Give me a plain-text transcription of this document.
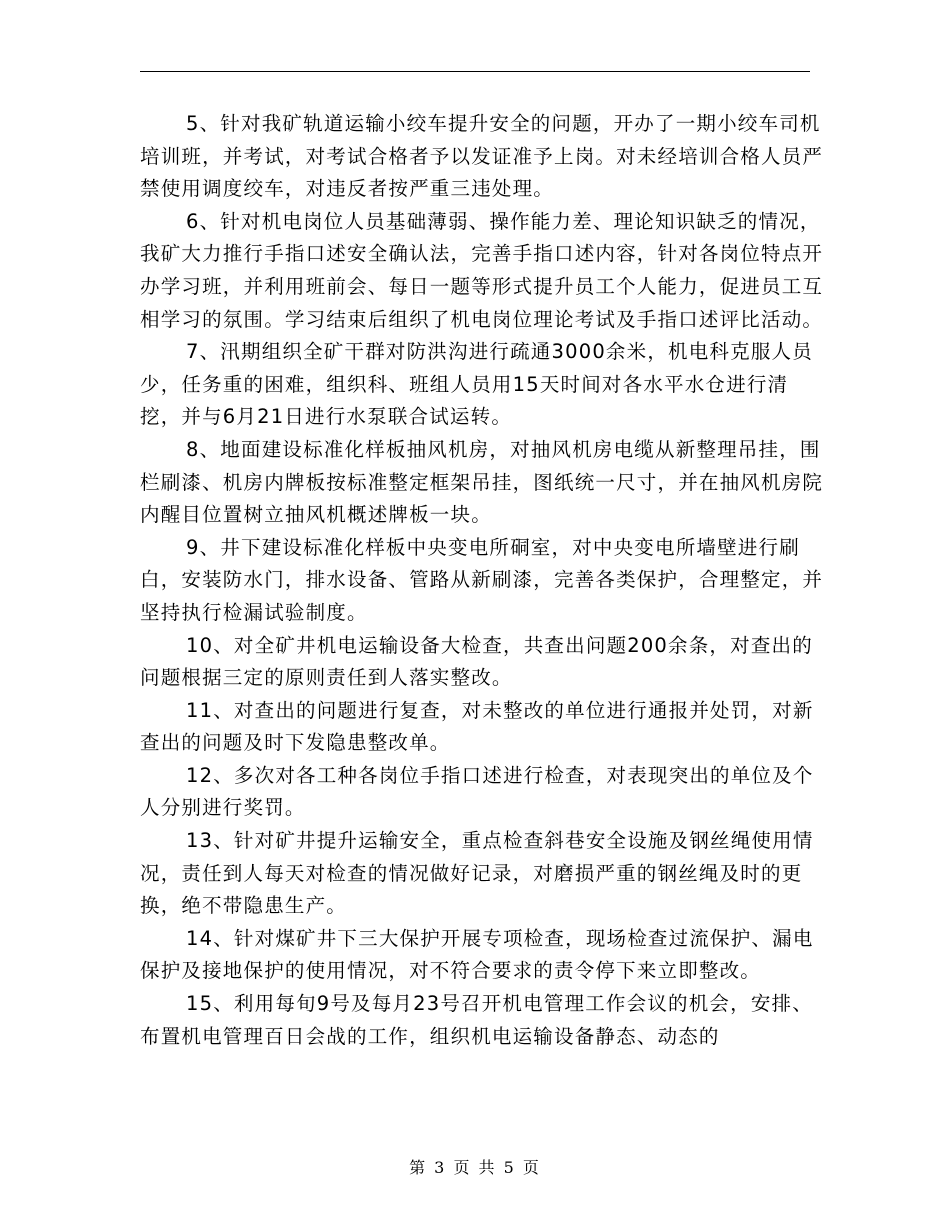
5、针对我矿轨道运输小绞车提升安全的问题，开办了一期小绞车司机培训班，并考试，对考试合格者予以发证准予上岗。对未经培训合格人员严禁使用调度绞车，对违反者按严重三违处理。

6、针对机电岗位人员基础薄弱、操作能力差、理论知识缺乏的情况，我矿大力推行手指口述安全确认法，完善手指口述内容，针对各岗位特点开办学习班，并利用班前会、每日一题等形式提升员工个人能力，促进员工互相学习的氛围。学习结束后组织了机电岗位理论考试及手指口述评比活动。

7、汛期组织全矿干群对防洪沟进行疏通3000余米，机电科克服人员少，任务重的困难，组织科、班组人员用15天时间对各水平水仓进行清挖，并与6月21日进行水泵联合试运转。

8、地面建设标准化样板抽风机房，对抽风机房电缆从新整理吊挂，围栏刷漆、机房内牌板按标准整定框架吊挂，图纸统一尺寸，并在抽风机房院内醒目位置树立抽风机概述牌板一块。

9、井下建设标准化样板中央变电所硐室，对中央变电所墙壁进行刷白，安装防水门，排水设备、管路从新刷漆，完善各类保护，合理整定，并坚持执行检漏试验制度。

10、对全矿井机电运输设备大检查，共查出问题200余条，对查出的问题根据三定的原则责任到人落实整改。

11、对查出的问题进行复查，对未整改的单位进行通报并处罚，对新查出的问题及时下发隐患整改单。

12、多次对各工种各岗位手指口述进行检查，对表现突出的单位及个人分别进行奖罚。

13、针对矿井提升运输安全，重点检查斜巷安全设施及钢丝绳使用情况，责任到人每天对检查的情况做好记录，对磨损严重的钢丝绳及时的更换，绝不带隐患生产。

14、针对煤矿井下三大保护开展专项检查，现场检查过流保护、漏电保护及接地保护的使用情况，对不符合要求的责令停下来立即整改。

15、利用每旬9号及每月23号召开机电管理工作会议的机会，安排、布置机电管理百日会战的工作，组织机电运输设备静态、动态的

第 3 页 共 5 页
